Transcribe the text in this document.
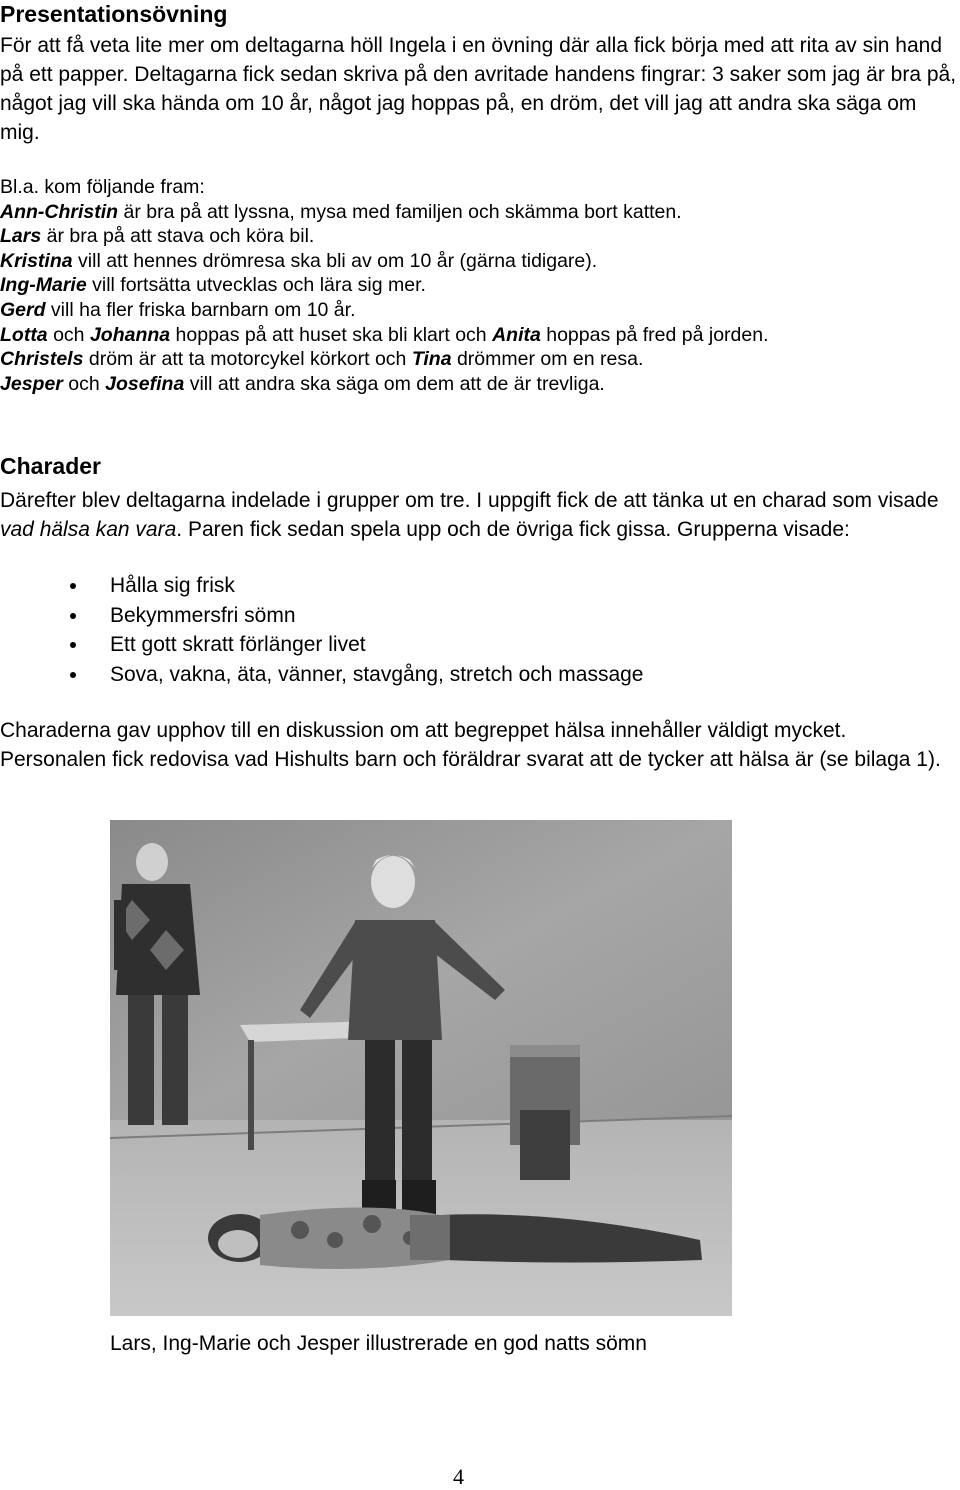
Presentationsövning

För att få veta lite mer om deltagarna höll Ingela i en övning där alla fick börja med att rita av sin hand på ett papper. Deltagarna fick sedan skriva på den avritade handens fingrar: 3 saker som jag är bra på, något jag vill ska hända om 10 år, något jag hoppas på, en dröm, det vill jag att andra ska säga om mig.

Bl.a. kom följande fram:
Ann-Christin är bra på att lyssna, mysa med familjen och skämma bort katten.
Lars är bra på att stava och köra bil.
Kristina vill att hennes drömresa ska bli av om 10 år (gärna tidigare).
Ing-Marie vill fortsätta utvecklas och lära sig mer.
Gerd vill ha fler friska barnbarn om 10 år.
Lotta och Johanna hoppas på att huset ska bli klart och Anita hoppas på fred på jorden.
Christels dröm är att ta motorcykel körkort och Tina drömmer om en resa.
Jesper och Josefina vill att andra ska säga om dem att de är trevliga.
Charader

Därefter blev deltagarna indelade i grupper om tre. I uppgift fick de att tänka ut en charad som visade vad hälsa kan vara. Paren fick sedan spela upp och de övriga fick gissa. Grupperna visade:

Hålla sig frisk
Bekymmersfri sömn
Ett gott skratt förlänger livet
Sova, vakna, äta, vänner, stavgång, stretch och massage

Charaderna gav upphov till en diskussion om att begreppet hälsa innehåller väldigt mycket. Personalen fick redovisa vad Hishults barn och föräldrar svarat att de tycker att hälsa är (se bilaga 1).

Lars, Ing-Marie och Jesper illustrerade en god natts sömn

4
